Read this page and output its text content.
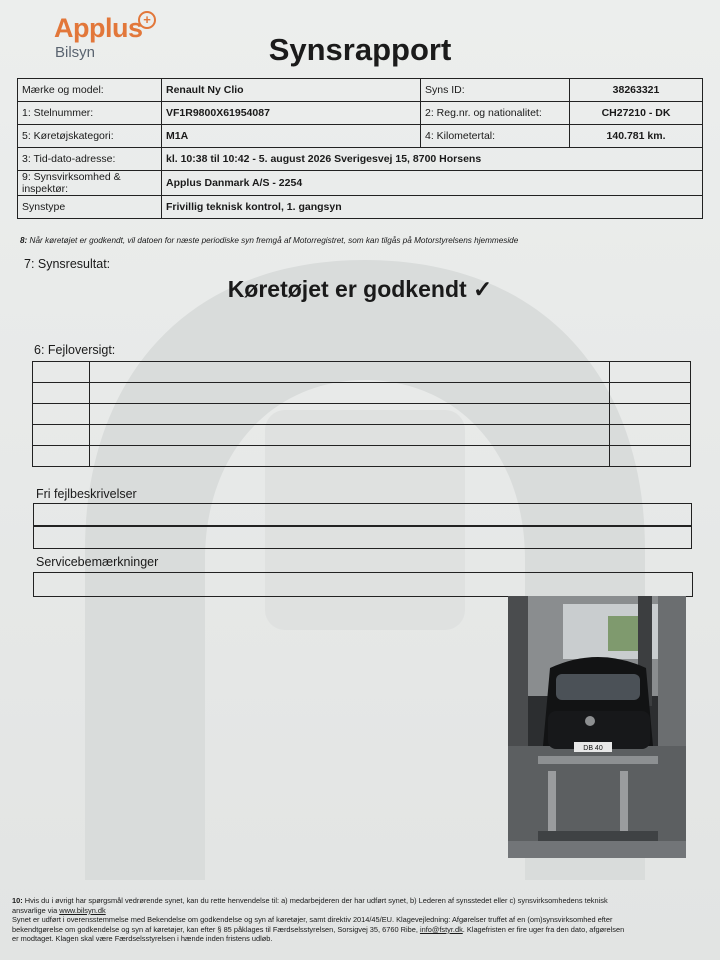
Applus +
Bilsyn	Synsrapport
Mærke og model:	Renault Ny Clio	Syns ID:	38263321
1: Stelnummer:	VF1R9800X61954087	2: Reg.nr. og nationalitet:	CH27210 - DK
5: Køretøjskategori:	M1A	4: Kilometertal:	140.781 km.
3: Tid-dato-adresse:	kl. 10:38 til 10:42 - 5. august 2026 Sverigesvej 15, 8700 Horsens		
9: Synsvirksomhed & inspektør:	Applus Danmark A/S - 2254		
Synstype	Frivillig teknisk kontrol, 1. gangsyn		
8: Når køretøjet er godkendt, vil datoen for næste periodiske syn fremgå af Motorregistret, som kan tilgås på Motorstyrelsens hjemmeside
7: Synsresultat:
Køretøjet er godkendt ✓
6: Fejloversigt:

Fri fejlbeskrivelser
Servicebemærkninger
DB 40
10: Hvis du i øvrigt har spørgsmål vedrørende synet, kan du rette henvendelse til: a) medarbejderen der har udført synet, b) Lederen af synsstedet eller c) synsvirksomhedens teknisk
ansvarlige via www.bilsyn.dk
Synet er udført i overensstemmelse med Bekendelse om godkendelse og syn af køretøjer, samt direktiv 2014/45/EU. Klagevejledning: Afgørelser truffet af en (om)synsvirksomhed efter
bekendtgørelse om godkendelse og syn af køretøjer, kan efter § 85 påklages til Færdselsstyrelsen, Sorsigvej 35, 6760 Ribe, info@fstyr.dk. Klagefristen er fire uger fra den dato, afgørelsen
er modtaget. Klagen skal være Færdselsstyrelsen i hænde inden fristens udløb.
